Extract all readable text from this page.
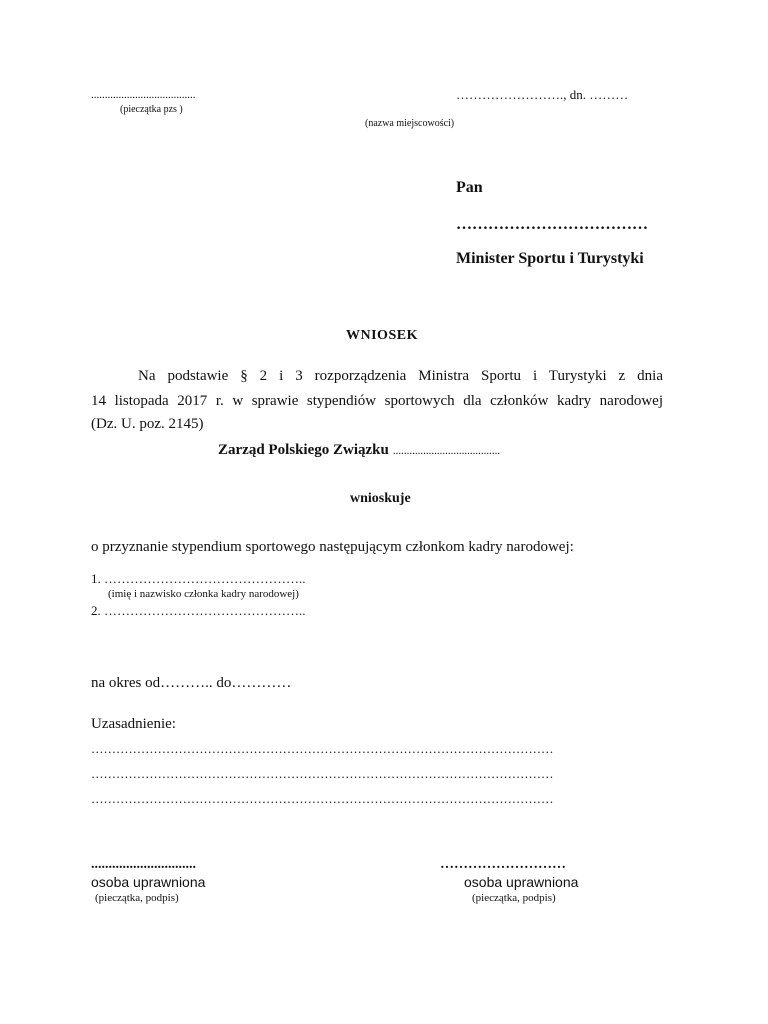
......................................
(pieczątka pzs )
……………………., dn. ………
(nazwa miejscowości)
Pan
………………………………
Minister Sportu i Turystyki
WNIOSEK
Na podstawie § 2 i 3 rozporządzenia Ministra Sportu i Turystyki z dnia
14 listopada 2017 r. w sprawie stypendiów sportowych dla członków kadry narodowej
(Dz. U. poz. 2145)
Zarząd Polskiego Związku .......................................
wnioskuje
o przyznanie stypendium sportowego następującym członkom kadry narodowej:
1. ………………………………………..
(imię i nazwisko członka kadry narodowej)
2. ………………………………………..
na okres od……….. do…………
Uzasadnienie:
…………………………………………………………………………………………………
…………………………………………………………………………………………………
…………………………………………………………………………………………………
..............................
osoba uprawniona
(pieczątka, podpis)
………………………
osoba uprawniona
(pieczątka, podpis)
